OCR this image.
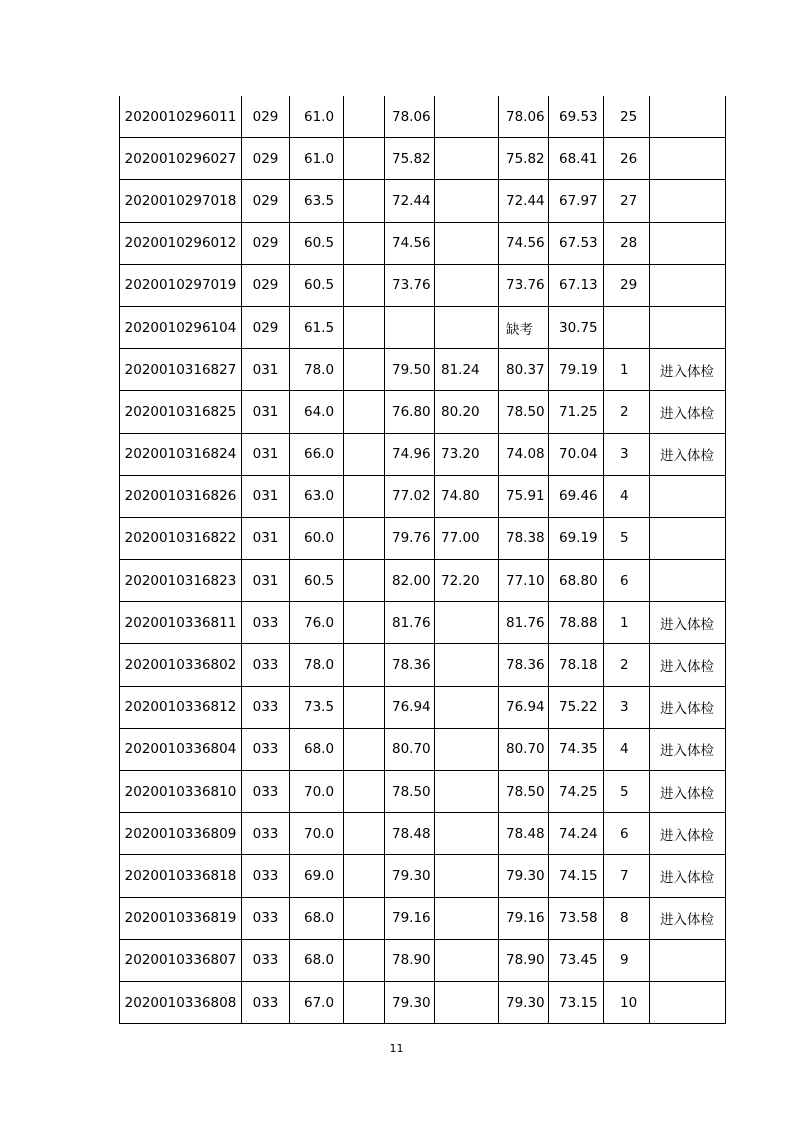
2020010296011	029	61.0		78.06		78.06	69.53	25	
2020010296027	029	61.0		75.82		75.82	68.41	26	
2020010297018	029	63.5		72.44		72.44	67.97	27	
2020010296012	029	60.5		74.56		74.56	67.53	28	
2020010297019	029	60.5		73.76		73.76	67.13	29	
2020010296104	029	61.5				缺考	30.75		
2020010316827	031	78.0		79.50	81.24	80.37	79.19	1	进入体检
2020010316825	031	64.0		76.80	80.20	78.50	71.25	2	进入体检
2020010316824	031	66.0		74.96	73.20	74.08	70.04	3	进入体检
2020010316826	031	63.0		77.02	74.80	75.91	69.46	4	
2020010316822	031	60.0		79.76	77.00	78.38	69.19	5	
2020010316823	031	60.5		82.00	72.20	77.10	68.80	6	
2020010336811	033	76.0		81.76		81.76	78.88	1	进入体检
2020010336802	033	78.0		78.36		78.36	78.18	2	进入体检
2020010336812	033	73.5		76.94		76.94	75.22	3	进入体检
2020010336804	033	68.0		80.70		80.70	74.35	4	进入体检
2020010336810	033	70.0		78.50		78.50	74.25	5	进入体检
2020010336809	033	70.0		78.48		78.48	74.24	6	进入体检
2020010336818	033	69.0		79.30		79.30	74.15	7	进入体检
2020010336819	033	68.0		79.16		79.16	73.58	8	进入体检
2020010336807	033	68.0		78.90		78.90	73.45	9	
2020010336808	033	67.0		79.30		79.30	73.15	10	
11
